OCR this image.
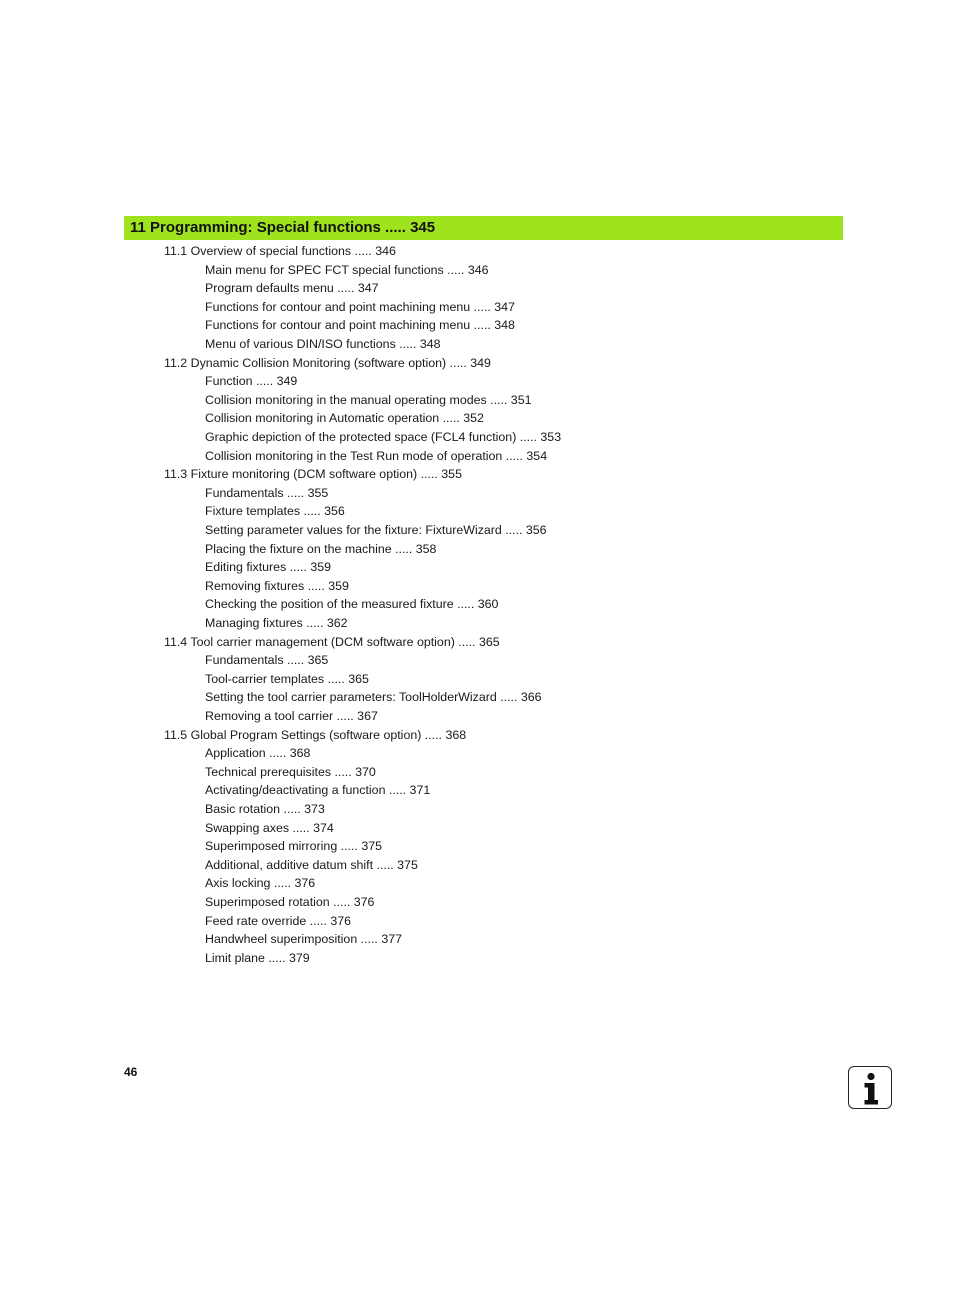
11 Programming: Special functions ..... 345
11.1 Overview of special functions ..... 346
Main menu for SPEC FCT special functions ..... 346
Program defaults menu ..... 347
Functions for contour and point machining menu ..... 347
Functions for contour and point machining menu ..... 348
Menu of various DIN/ISO functions ..... 348
11.2 Dynamic Collision Monitoring (software option) ..... 349
Function ..... 349
Collision monitoring in the manual operating modes ..... 351
Collision monitoring in Automatic operation ..... 352
Graphic depiction of the protected space (FCL4 function) ..... 353
Collision monitoring in the Test Run mode of operation ..... 354
11.3 Fixture monitoring (DCM software option) ..... 355
Fundamentals ..... 355
Fixture templates ..... 356
Setting parameter values for the fixture: FixtureWizard ..... 356
Placing the fixture on the machine ..... 358
Editing fixtures ..... 359
Removing fixtures ..... 359
Checking the position of the measured fixture ..... 360
Managing fixtures ..... 362
11.4 Tool carrier management (DCM software option) ..... 365
Fundamentals ..... 365
Tool-carrier templates ..... 365
Setting the tool carrier parameters: ToolHolderWizard ..... 366
Removing a tool carrier ..... 367
11.5 Global Program Settings (software option) ..... 368
Application ..... 368
Technical prerequisites ..... 370
Activating/deactivating a function ..... 371
Basic rotation ..... 373
Swapping axes ..... 374
Superimposed mirroring ..... 375
Additional, additive datum shift ..... 375
Axis locking ..... 376
Superimposed rotation ..... 376
Feed rate override ..... 376
Handwheel superimposition ..... 377
Limit plane ..... 379
46
